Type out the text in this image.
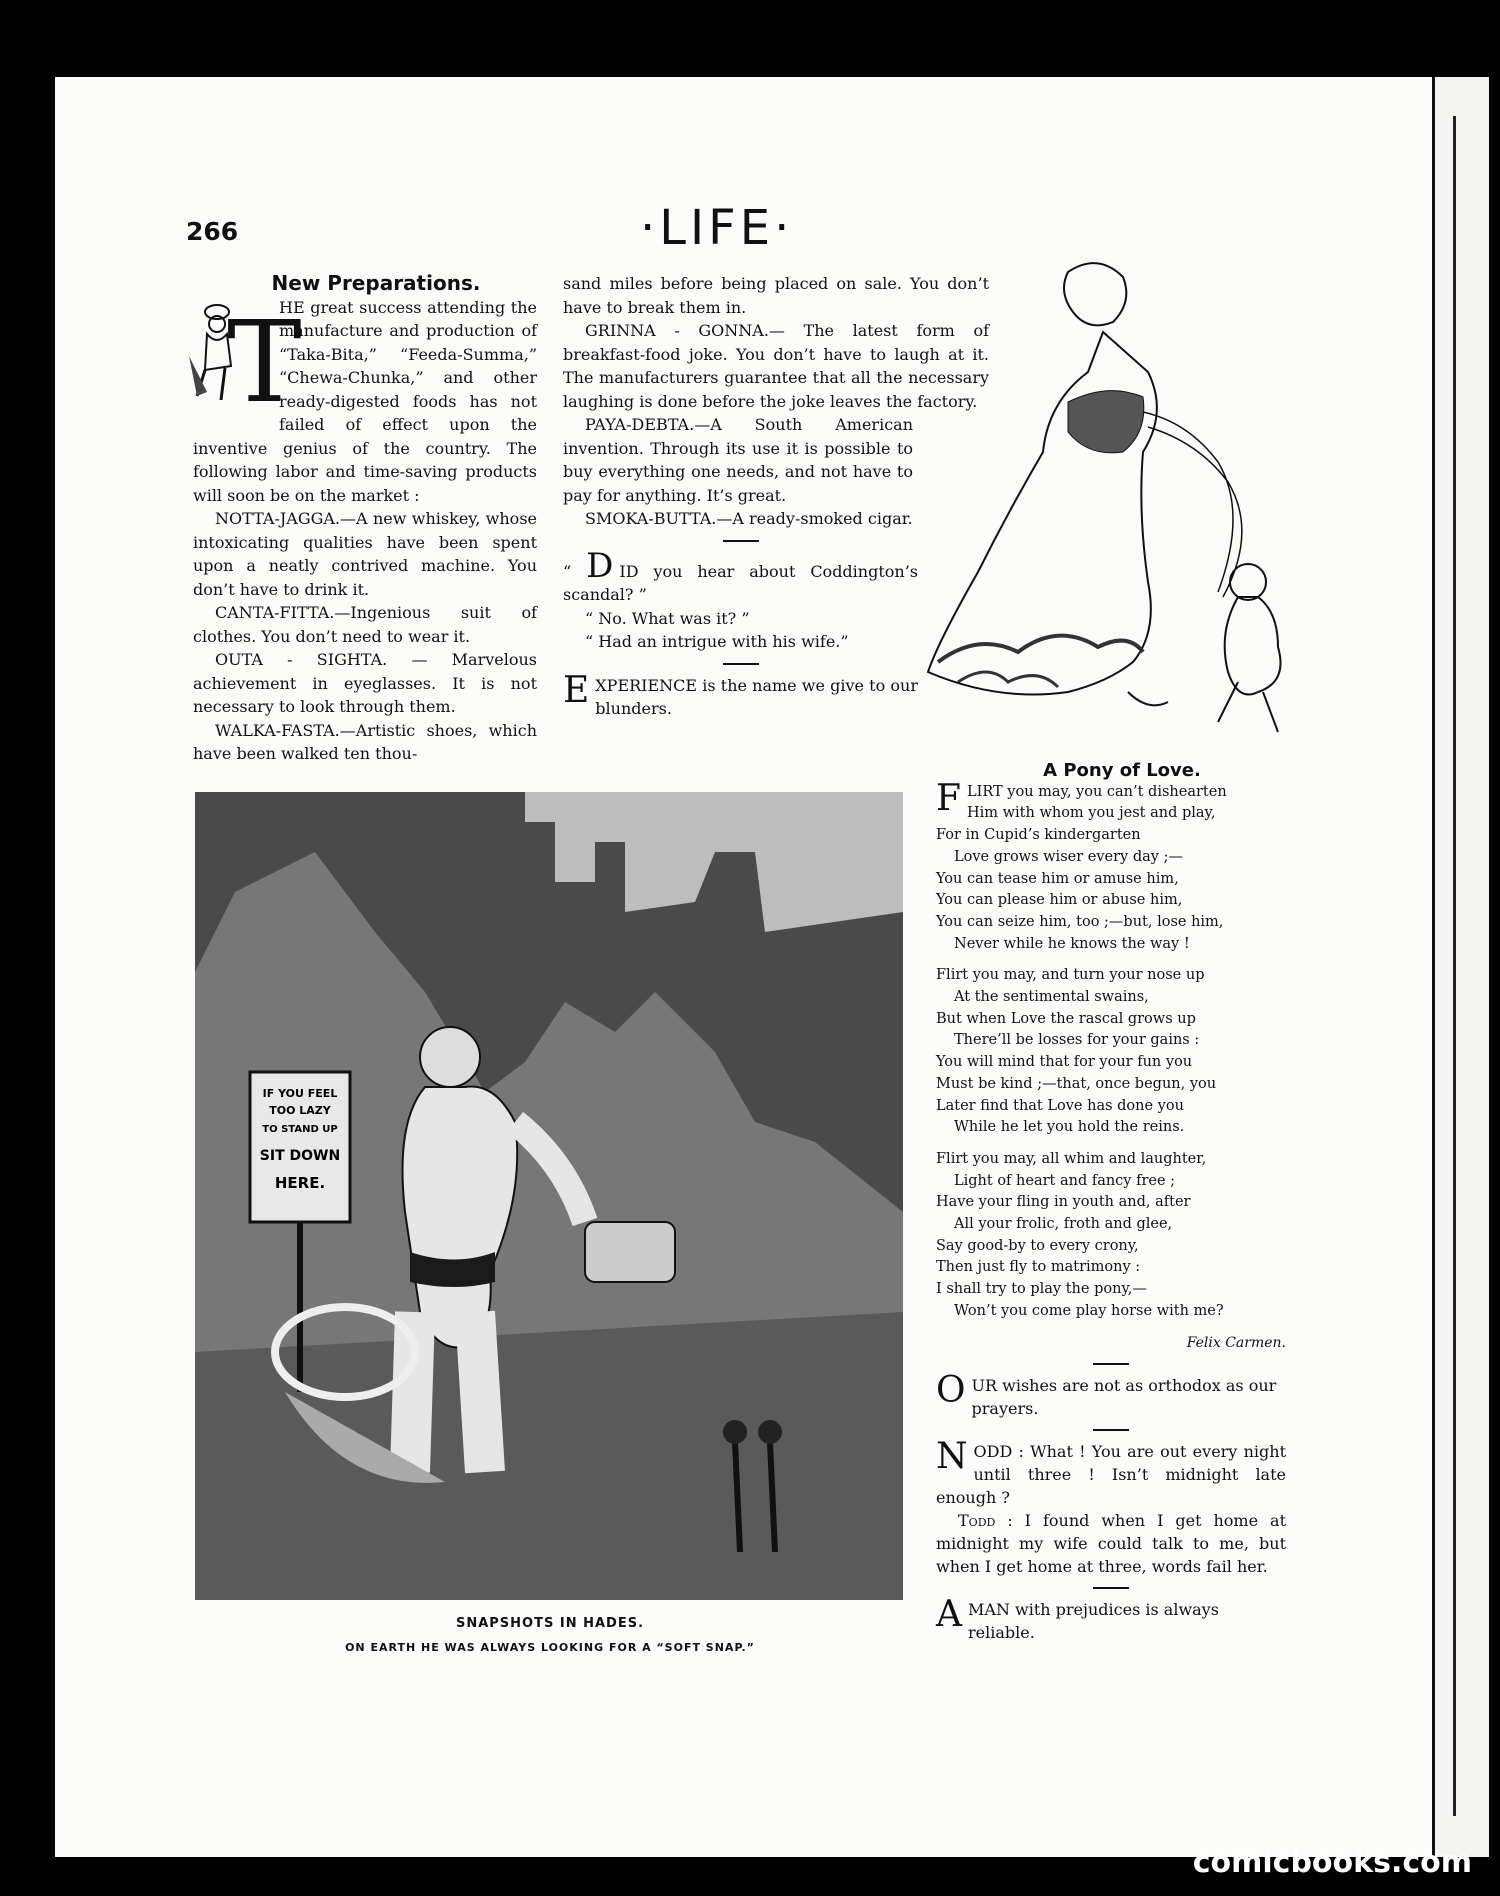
266	·LIFE·

New Preparations.

T

HE great success attending the manufacture and production of “Taka-Bita,” “Feeda-Summa,” “Chewa-Chunka,” and other ready-digested foods has not failed of effect upon the inventive genius of the country. The following labor and time-saving products will soon be on the market :

NOTTA-JAGGA.—A new whiskey, whose intoxicating qualities have been spent upon a neatly contrived machine. You don’t have to drink it.

CANTA-FITTA.—Ingenious suit of clothes. You don’t need to wear it.

OUTA - SIGHTA. — Marvelous achievement in eyeglasses. It is not necessary to look through them.

WALKA-FASTA.—Artistic shoes, which have been walked ten thou-

sand miles before being placed on sale. You don’t have to break them in.

GRINNA - GONNA.— The latest form of breakfast-food joke. You don’t have to laugh at it. The manufacturers guarantee that all the necessary laughing is done before the joke leaves the factory.

PAYA-DEBTA.—A South American invention. Through its use it is possible to buy everything one needs, and not have to pay for anything. It’s great.

SMOKA-BUTTA.—A ready-smoked cigar.

“ D ID you hear about Coddington’s scandal? ”

“ No. What was it? ”

“ Had an intrigue with his wife.”

EXPERIENCE is the name we give to our blunders.

IF YOU FEEL
TOO LAZY
TO STAND UP
SIT DOWN
HERE.
SNAPSHOTS IN HADES.
ON EARTH HE WAS ALWAYS LOOKING FOR A “SOFT SNAP.”

A Pony of Love.

F LIRT you may, you can’t dishearten
Him with whom you jest and play,
For in Cupid’s kindergarten
Love grows wiser every day ;—
You can tease him or amuse him,
You can please him or abuse him,
You can seize him, too ;—but, lose him,
Never while he knows the way !
Flirt you may, and turn your nose up
At the sentimental swains,
But when Love the rascal grows up
There’ll be losses for your gains :
You will mind that for your fun you
Must be kind ;—that, once begun, you
Later find that Love has done you
While he let you hold the reins.
Flirt you may, all whim and laughter,
Light of heart and fancy free ;
Have your fling in youth and, after
All your frolic, froth and glee,
Say good-by to every crony,
Then just fly to matrimony :
I shall try to play the pony,—
Won’t you come play horse with me?
Felix Carmen.

OUR wishes are not as orthodox as our prayers.

NODD : What ! You are out every night until three ! Isn’t midnight late enough ?

Todd : I found when I get home at midnight my wife could talk to me, but when I get home at three, words fail her.

AMAN with prejudices is always reliable.

comicbooks.com
